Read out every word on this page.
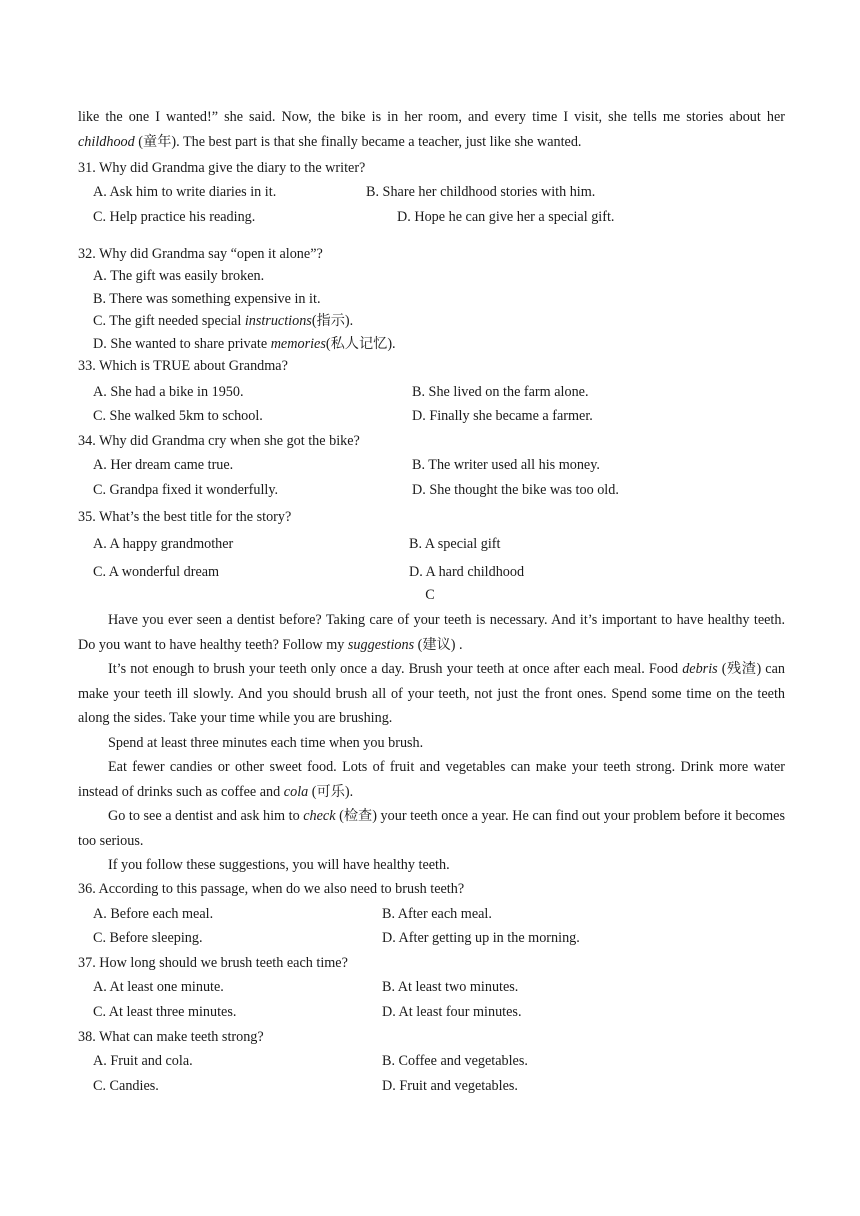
like the one I wanted!” she said. Now, the bike is in her room, and every time I visit, she tells me stories about her childhood (童年). The best part is that she finally became a teacher, just like she wanted.

31. Why did Grandma give the diary to the writer?
A. Ask him to write diaries in it.	B. Share her childhood stories with him.
C. Help practice his reading.	D. Hope he can give her a special gift.
32. Why did Grandma say “open it alone”?
A. The gift was easily broken.
B. There was something expensive in it.
C. The gift needed special instructions(指示).
D. She wanted to share private memories(私人记忆).
33. Which is TRUE about Grandma?
A. She had a bike in 1950.	B. She lived on the farm alone.
C. She walked 5km to school.	D. Finally she became a farmer.
34. Why did Grandma cry when she got the bike?
A. Her dream came true.	B. The writer used all his money.
C. Grandpa fixed it wonderfully.	D. She thought the bike was too old.
35. What’s the best title for the story?
A. A happy grandmother	B. A special gift
C. A wonderful dream	D. A hard childhood
C

Have you ever seen a dentist before? Taking care of your teeth is necessary. And it’s important to have healthy teeth. Do you want to have healthy teeth? Follow my suggestions (建议) .

It’s not enough to brush your teeth only once a day. Brush your teeth at once after each meal. Food debris (残渣) can make your teeth ill slowly. And you should brush all of your teeth, not just the front ones. Spend some time on the teeth along the sides. Take your time while you are brushing.

Spend at least three minutes each time when you brush.

Eat fewer candies or other sweet food. Lots of fruit and vegetables can make your teeth strong. Drink more water instead of drinks such as coffee and cola (可乐).

Go to see a dentist and ask him to check (检查) your teeth once a year. He can find out your problem before it becomes too serious.

If you follow these suggestions, you will have healthy teeth.

36. According to this passage, when do we also need to brush teeth?
A. Before each meal.	B. After each meal.
C. Before sleeping.	D. After getting up in the morning.
37. How long should we brush teeth each time?
A. At least one minute.	B. At least two minutes.
C. At least three minutes.	D. At least four minutes.
38. What can make teeth strong?
A. Fruit and cola.	B. Coffee and vegetables.
C. Candies.	D. Fruit and vegetables.
